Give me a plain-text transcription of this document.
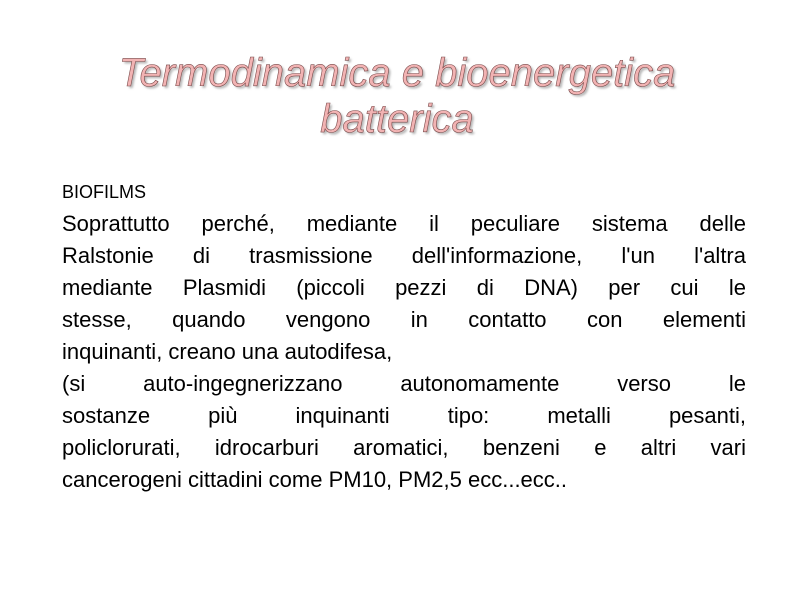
Termodinamica e bioenergetica
batterica

BIOFILMS

Soprattutto perché, mediante il peculiare sistema delle
Ralstonie di trasmissione dell'informazione, l'un l'altra
mediante Plasmidi (piccoli pezzi di DNA) per cui le
stesse, quando vengono in contatto con elementi
inquinanti, creano una autodifesa,
(si auto-ingegnerizzano autonomamente verso le
sostanze più inquinanti tipo: metalli pesanti,
policlorurati, idrocarburi aromatici, benzeni e altri vari
cancerogeni cittadini come PM10, PM2,5 ecc...ecc..
